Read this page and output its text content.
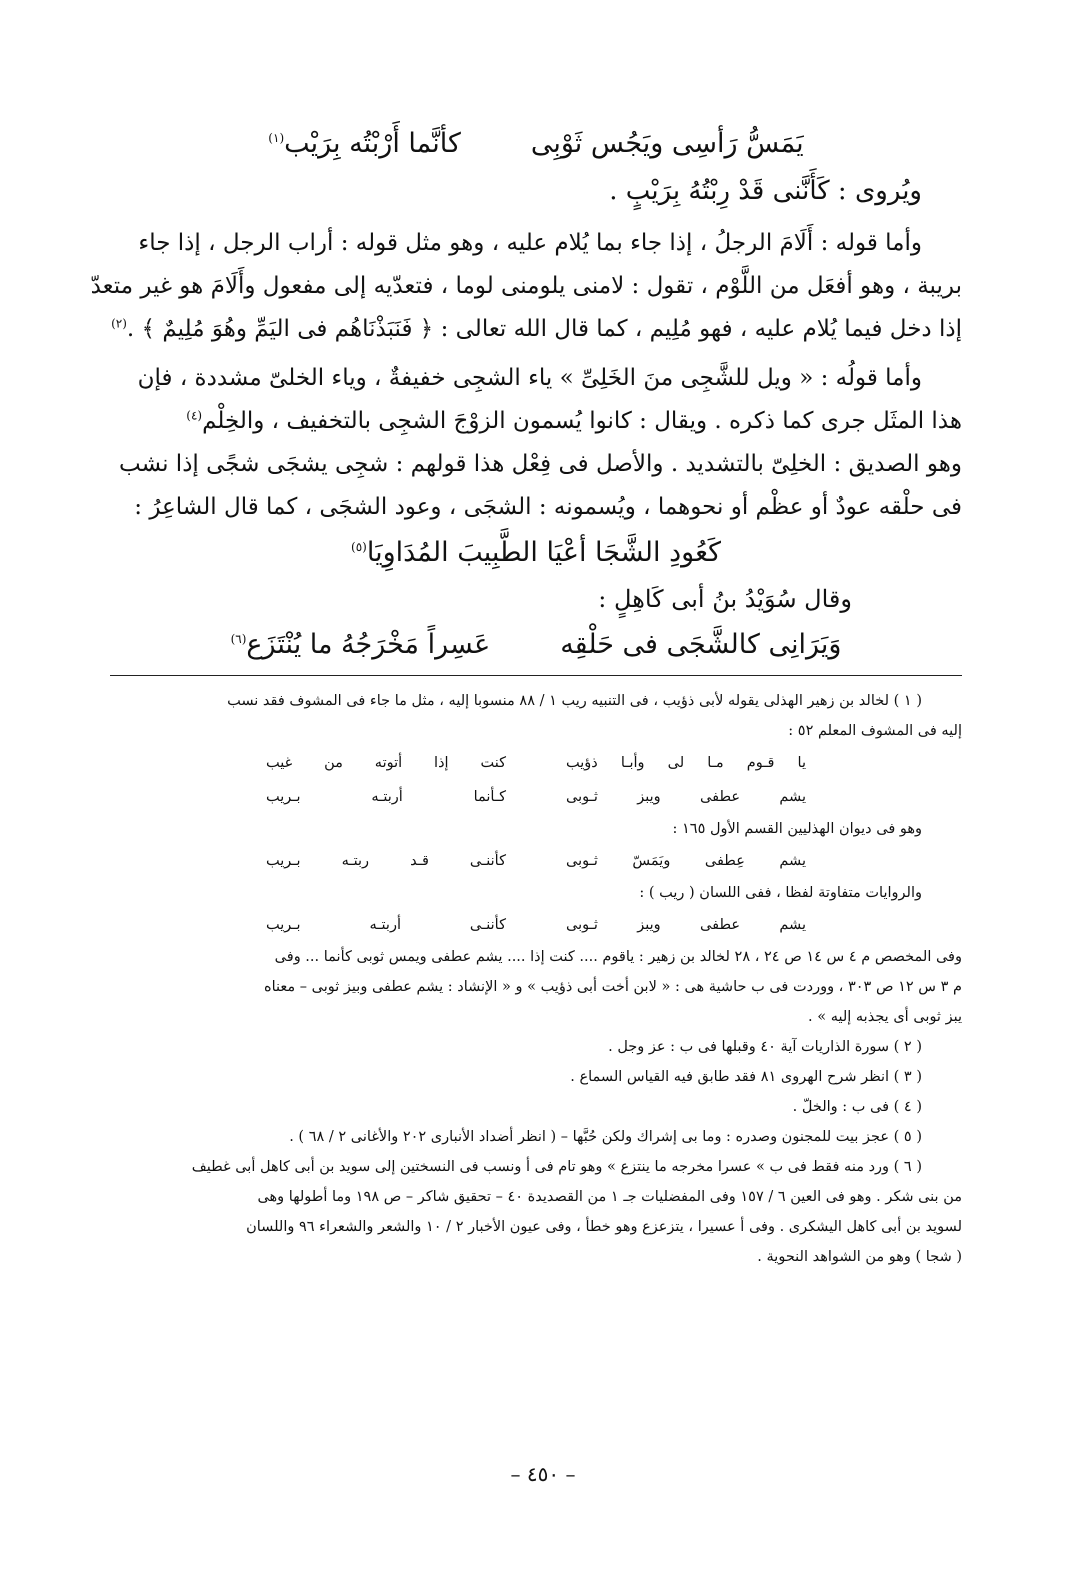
يَمَسُّ رَأسِى ويَجُس ثَوْبِى
كأنَّما أَرْبْتُه بِرَيْب$^{(١)}$
ويُروى : كَأَنَّنى قَدْ رِبْتُهُ بِرَيْبٍ .
وأما قوله : أَلَامَ الرجلُ ، إذا جاء بما يُلام عليه ، وهو مثل قوله : أراب الرجل ، إذا جاء
بريبة ، وهو أفعَل من اللَّوْم ، تقول : لامنى يلومنى لوما ، فتعدّيه إلى مفعول وأَلَامَ هو غير متعدّ
إذا دخل فيما يُلام عليه ، فهو مُلِيم ، كما قال الله تعالى : ﴿ فَنَبَذْنَاهُم فى اليَمِّ وهُوَ مُلِيمٌ ﴾ .$^{(٢)}$
وأما قولُه : « ويل للشَّجِى منَ الخَلِىِّ » ياء الشجِى خفيفةٌ ، وياء الخلىّ مشددة ، فإن
هذا المثَل جرى كما ذكره . ويقال : كانوا يُسمون الزوْجَ الشجِى بالتخفيف ، والخِلْم$^{(٤)}$
وهو الصديق : الخلِىّ بالتشديد . والأصل فى فِعْل هذا قولهم : شجِى يشجَى شجًى إذا نشب
فى حلْقه عودٌ أو عظْم أو نحوهما ، ويُسمونه : الشجَى ، وعود الشجَى ، كما قال الشاعِرُ :
كَعُودِ الشَّجَا أعْيَا الطَّبِيبَ المُدَاوِيَا$^{(٥)}$
وقال سُوَيْدُ بنُ أبى كَاهِلٍ :
وَيَرَانِى كالشَّجَى فى حَلْقِه
عَسِراً مَخْرَجُهُ ما يُنْتَزَع$^{(٦)}$
( ١ ) لخالد بن زهير الهذلى يقوله لأبى ذؤيب ، فى التنبيه ريب ١ / ٨٨ منسوبا إليه ، مثل ما جاء فى المشوف فقد نسب
إليه فى المشوف المعلم ٥٢ :
يا قـوم مـا لى وأبـا ذؤيب
كنت إذا أتوته من غيب
يشم عطفى ويبز ثـوبى
كـأنما أربتـه بـريب
وهو فى ديوان الهذليين القسم الأول ١٦٥ :
يشم عِطفى ويَمَسّ ثـوبى
كأننـى قـد ربتـه بـريب
والروايات متفاوتة لفظا ، ففى اللسان ( ريب ) :
يشم عطفى ويبز ثـوبى
كأننـى أربتـه بـريب
وفى المخصص م ٤ س ١٤ ص ٢٤ ، ٢٨ لخالد بن زهير : ياقوم .... كنت إذا .... يشم عطفى ويمس ثوبى كأنما ... وفى
م ٣ س ١٢ ص ٣٠٣ ، ووردت فى ب حاشية هى : « لابن أخت أبى ذؤيب » و « الإنشاد : يشم عطفى وبيز ثوبى – معناه
يبز ثوبى أى يجذبه إليه » .
( ٢ ) سورة الذاريات آية ٤٠ وقبلها فى ب : عز وجل .
( ٣ ) انظر شرح الهروى ٨١ فقد طابق فيه القياس السماع .
( ٤ ) فى ب : والخلّ .
( ٥ ) عجز بيت للمجنون وصدره : وما بى إشراك ولكن حُبَّها – ( انظر أضداد الأنبارى ٢٠٢ والأغانى ٢ / ٦٨ ) .
( ٦ ) ورد منه فقط فى ب » عسرا مخرجه ما ينتزع » وهو تام فى أ ونسب فى النسختين إلى سويد بن أبى كاهل أبى غطيف
من بنى شكر . وهو فى العين ٦ / ١٥٧ وفى المفضليات جـ ١ من القصديدة ٤٠ – تحقيق شاكر – ص ١٩٨ وما أطولها وهى
لسويد بن أبى كاهل اليشكرى . وفى أ عسيرا ، يتزعزع وهو خطأ ، وفى عيون الأخبار ٢ / ١٠ والشعر والشعراء ٩٦ واللسان
( شجا ) وهو من الشواهد النحوية .
– ٤٥٠ –
